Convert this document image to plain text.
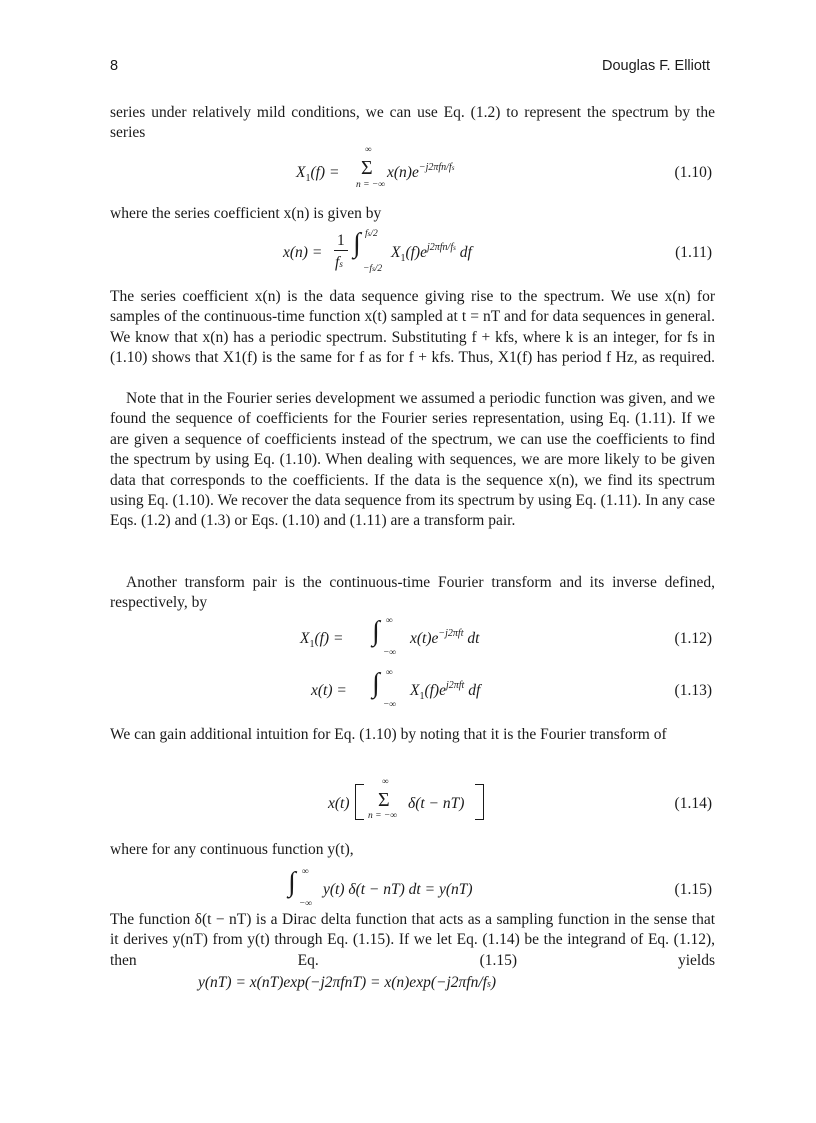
8	Douglas F. Elliott

series under relatively mild conditions, we can use Eq. (1.2) to represent the spectrum by the series

$X_1(f)$ =
∞
Σ
n = −∞
$x(n)e^{-j2\pi fn/fs}$	(1.10)

where the series coefficient x(n) is given by

x(n) =
1
fs
∫ fs/2
−fs/2
$X_1(f)e^{j2\pi fn/fs}$ df	(1.11)

The series coefficient x(n) is the data sequence giving rise to the spectrum. We use x(n) for samples of the continuous-time function x(t) sampled at t = nT and for data sequences in general. We know that x(n) has a periodic spectrum. Substituting f + kfs, where k is an integer, for fs in (1.10) shows that X1(f) is the same for f as for f + kfs. Thus, X1(f) has period f Hz, as required.

Note that in the Fourier series development we assumed a periodic function was given, and we found the sequence of coefficients for the Fourier series representation, using Eq. (1.11). If we are given a sequence of coefficients instead of the spectrum, we can use the coefficients to find the spectrum by using Eq. (1.10). When dealing with sequences, we are more likely to be given data that corresponds to the coefficients. If the data is the sequence x(n), we find its spectrum using Eq. (1.10). We recover the data sequence from its spectrum by using Eq. (1.11). In any case Eqs. (1.2) and (1.3) or Eqs. (1.10) and (1.11) are a transform pair.

Another transform pair is the continuous-time Fourier transform and its inverse defined, respectively, by

$X_1(f)$ = ∫ ∞
−∞
$x(t)e^{-j2\pi ft}$ dt	(1.12)
x(t) = ∫ ∞
−∞
$X_1(f)e^{j2\pi ft}$ df	(1.13)

We can gain additional intuition for Eq. (1.10) by noting that it is the Fourier transform of

x(t)
∞
Σ
n = −∞
δ(t − nT)	(1.14)

where for any continuous function y(t),

∫ ∞
−∞
y(t) δ(t − nT) dt = y(nT)	(1.15)

The function δ(t − nT) is a Dirac delta function that acts as a sampling function in the sense that it derives y(nT) from y(t) through Eq. (1.15). If we let Eq. (1.14) be the integrand of Eq. (1.12), then Eq. (1.15) yields

y(nT) = x(nT)exp(−j2πfnT) = x(n)exp(−j2πfn/fs)
